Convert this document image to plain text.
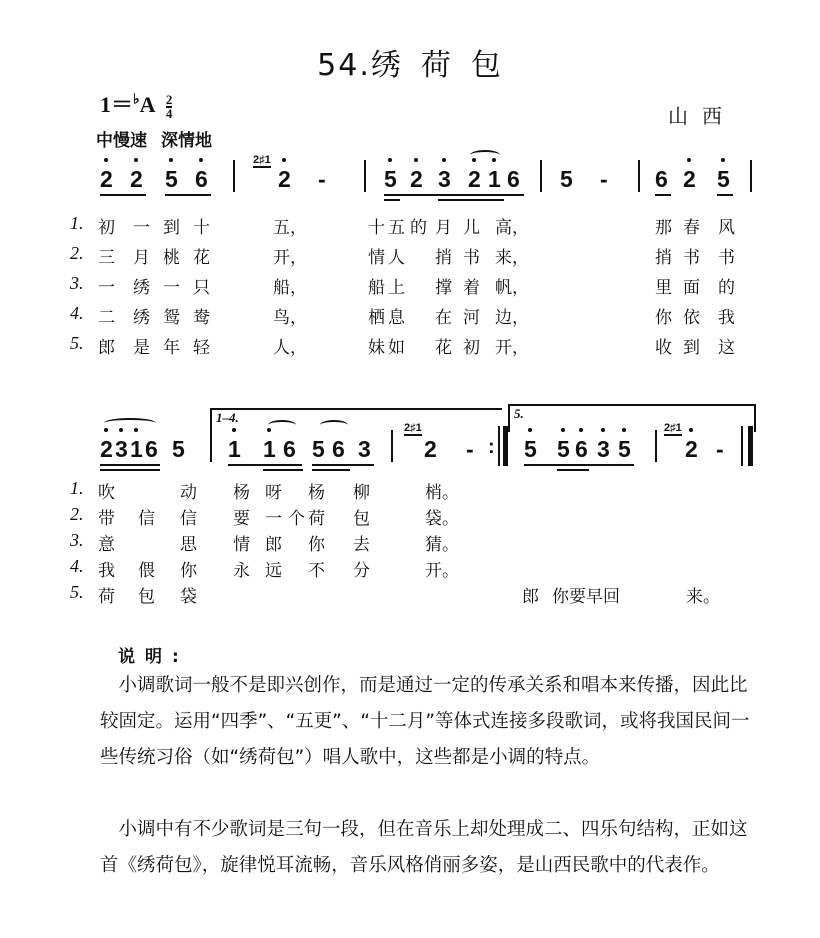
54.绣 荷 包
$1=^♭A \frac{2}{4}$	山西
中慢速 深情地
2 2 5 6
2♯1
2 -	5 2 3 2 1 6 5 - 6 2 5
1. 初 一 到 十	五，	十 五 的 月 儿 高，	那 春 风
2. 三 月 桃 花	开，	情 人 捎 书 来，	捎 书 书
3. 一 绣 一 只	船，	船 上 撑 着 帆，	里 面 的
4. 二 绣 鸳 鸯	鸟，	栖 息 在 河 边，	你 依 我
5. 郎 是 年 轻	人，	妹 如 花 初 开，	收 到 这
2 3 1 6 5
1–4.
1 1 6 5 6 3
2♯1
2 - :
5.
5 5 6 3 5
2♯1
2 -
1. 吹	动 杨 呀 杨 柳	梢。
2. 带 信 信 要 一 个 荷 包	袋。
3. 意	思 情 郎 你 去	猜。
4. 我 偎 你 永 远 不 分	开。
5. 荷 包 袋	郎 你要早回	来。
说明:
小调歌词一般不是即兴创作，而是通过一定的传承关系和唱本来传播，因此比较固定。运用“四季”、“五更”、“十二月”等体式连接多段歌词，或将我国民间一些传统习俗（如“绣荷包”）唱人歌中，这些都是小调的特点。
小调中有不少歌词是三句一段，但在音乐上却处理成二、四乐句结构，正如这首《绣荷包》，旋律悦耳流畅，音乐风格俏丽多姿，是山西民歌中的代表作。
